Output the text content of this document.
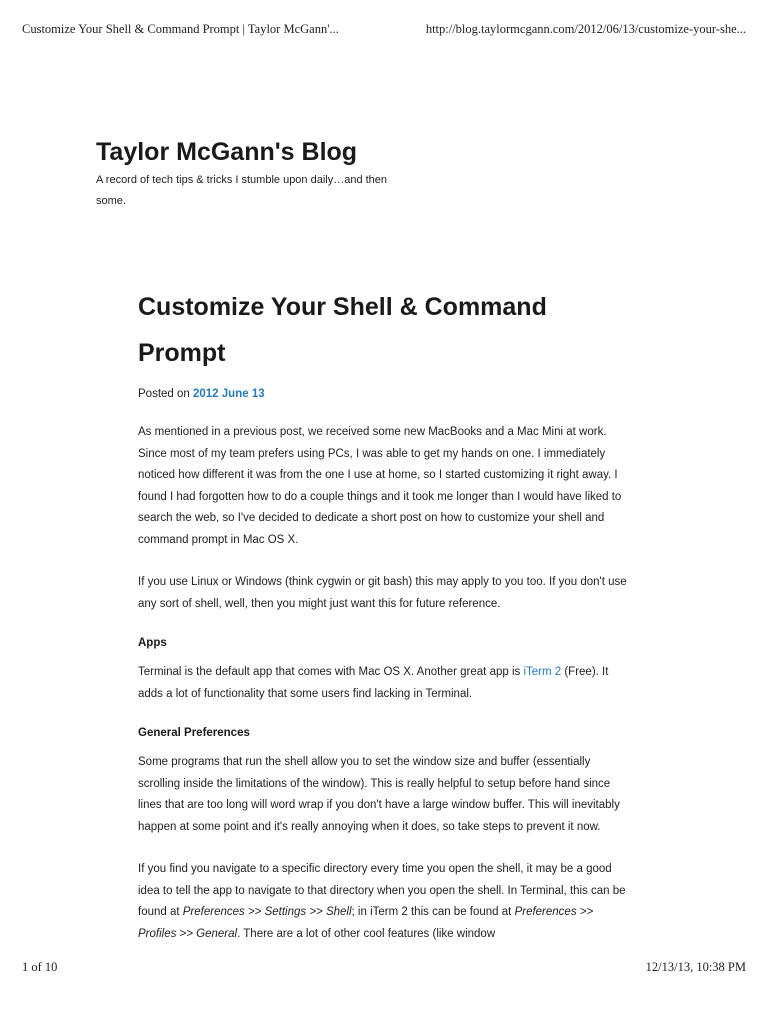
Customize Your Shell & Command Prompt | Taylor McGann'...	http://blog.taylormcgann.com/2012/06/13/customize-your-she...
Taylor McGann's Blog

A record of tech tips & tricks I stumble upon daily…and then some.

Customize Your Shell & Command Prompt

Posted on 2012 June 13

As mentioned in a previous post, we received some new MacBooks and a Mac Mini at work. Since most of my team prefers using PCs, I was able to get my hands on one. I immediately noticed how different it was from the one I use at home, so I started customizing it right away. I found I had forgotten how to do a couple things and it took me longer than I would have liked to search the web, so I've decided to dedicate a short post on how to customize your shell and command prompt in Mac OS X.

If you use Linux or Windows (think cygwin or git bash) this may apply to you too. If you don't use any sort of shell, well, then you might just want this for future reference.

Apps

Terminal is the default app that comes with Mac OS X. Another great app is iTerm 2 (Free). It adds a lot of functionality that some users find lacking in Terminal.

General Preferences

Some programs that run the shell allow you to set the window size and buffer (essentially scrolling inside the limitations of the window). This is really helpful to setup before hand since lines that are too long will word wrap if you don't have a large window buffer. This will inevitably happen at some point and it's really annoying when it does, so take steps to prevent it now.

If you find you navigate to a specific directory every time you open the shell, it may be a good idea to tell the app to navigate to that directory when you open the shell. In Terminal, this can be found at Preferences >> Settings >> Shell; in iTerm 2 this can be found at Preferences >> Profiles >> General. There are a lot of other cool features (like window

1 of 10	12/13/13, 10:38 PM
